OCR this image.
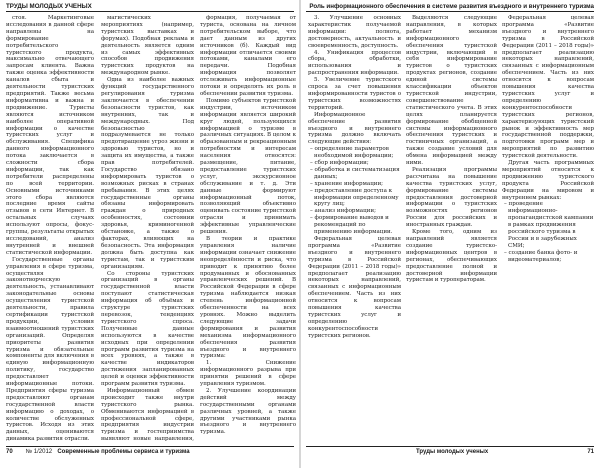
ТРУДЫ МОЛОДЫХ УЧЕНЫХ	Роль информационного обеспечения в системе развития въездного и внутреннего туризма

стоя. Маркетинговые исследования в данной сфере направлены на формирование потребительского туристского продукта, максимально отвечающего запросам клиента. Важна также оценка эффективности каналов сбыта и деятельности туристских предприятий. Также весьма информативна и важна и продвижение. Туристы являются источником наиболее оперативной информации о качестве туристских услуг и обслуживания. Специфика данного информационного потока заключается в сложности сбора информации, так как потребители распределены по всей территории. Основными источниками этого сбора являются последние время сайты отзывов в сети Интернет. В остальных случаях используют опросы, фокус-группы, результаты открытых исследований, анализ внутренней и внешней статистической информации.

Государственные органы управления в сфере туризма, осуществляя законотворческую деятельность, устанавливают законодательные основы осуществления туристской деятельности, правила сертификации туристской продукции, условия взаимоотношений туристских организаций. Определяя приоритеты развития туризма и обязательные компоненты для включения в единую информационную политику, государство предоставляет информационные потоки. Предприятия сферы туризма предоставляют органам государственной власти информацию о доходах, о количестве обслуженных туристов. Исходя из этих данных, оцениваются динамика развития отрасли.

магистических мероприятиях (например, туристских выставках и форумах). Подобная реклама и деятельность является одним из самых эффективных способов продвижения туристских продуктов на международном рынке.

Одна из наиболее важных функций государственного регулирования туризма заключается в обеспечении безопасности туристов, как внутренних, так и международных. Под безопасностью подразумевается не только предотвращение угроз жизни и здоровью туристов, но и защита их имущества, а также прав потребителей. Государство обязано информировать туристов о возможных рисках в странах пребывания. В этих целях государственные органы обязаны информировать граждан о природных особенностях, состоянии здоровья, криминогенной обстановке, а также о факторах, влияющих на безопасность. Эта информация должна быть доступна как туристам, так и туристским организациям.

Со стороны туристских организаций в органы государственной власти поступают статистическая информация об объёмах и структуре туристских перевозок, тенденциях туристского спроса. Полученные данные используются в качестве исходных при определении программ развития туризма на всех уровнях, а также в качестве индикаторов достижения запланированных целей и оценки эффективности программ развития туризма.

Информационный обмен происходит также внутри туристского рынка. Обмениваются информацией в профессиональной сфере, предприятия индустрии туризма и гостеприимства выявляют новые направления,

формация, получаемая от туриста, основана на личном потребительском выборе, что дает данным из других источников (б). Каждый вид информации отличается своими потоками, каналами его передачи. Подобная информация позволяет отслеживать информационные потоки и определять их роль в обеспечении развития туризма.

Помимо субъектов туристской индустрии, источником информации является широкий круг людей, пользующихся информацией о туризме в различных ситуациях. В целом к образованным и рекреационным потребностям и интересам населения относятся: размещение, питание, предоставление туристских услуг, экскурсионное обслуживание и т. д. Эти данные формируют информационный поток, позволяющий объективно оценивать состояние туристской отрасли и принимать эффективные управленческие решения.

В теории и практике управления наличие информации означает снижение неопределённости и риска, что приводит к принятию более продуманных и обоснованных управленческих решений. В Российской Федерации в сфере туризма наблюдается низкая степень информационной обеспеченности на всех уровнях. Можно выделить следующие задачи формирования и развития механизма информационного обеспечения развития въездного и внутреннего туризма:

1. Снижение информационного разрыва при принятии решений в сфере управления туризмом.

2. Улучшение координации действий между государственными органами различных уровней, а также другими участниками рынка въездного и внутреннего туризма.

3. Улучшение основных характеристик получаемой информации: полнота, достоверность, актуальность и своевременность, доступность.

4. Унификация процессов сбора, обработки, использования и распространения информации.

5. Увеличение туристского спроса за счет повышения информированности туристов о туристских возможностях территорий.

Информационное обеспечение развития въездного и внутреннего туризма должно включать следующие действия:

– определение параметров необходимой информации;
– сбор информации;
– обработка и систематизация данных;
– хранение информации;
– предоставление доступа к информации определенному кругу лиц;
– анализ информации;
– формирование выводов и рекомендаций по применению информации.

Федеральная целевая программа «Развитие въездного и внутреннего туризма в Российской Федерации (2011 – 2018 годы)» предполагает реализацию некоторых направлений, связанных с информационным обеспечением. Часть из них относится к вопросам повышения качества туристских услуг и определению конкурентоспособности туристских регионов.

Выделяются следующие направления, в которых работает механизм информационного обеспечения туристской индустрии, включающий в себя информирование туристов о туристских продуктах регионов, создание единой системы классификации объектов туристской индустрии, совершенствование статистического учета. В этих целях планируется формирование обобщенной системы информационного обеспечения туристских и гостиничных организаций, а также создание условий для обмена информацией между ними.

Реализация программы рассчитана на повышение качества туристских услуг, формирование системы предоставления достоверной информации о туристских возможностях регионов России для российских и иностранных граждан.

Кроме того, одним из направлений является создание туристско-информационных центров в регионах, обеспечивающих предоставление полной и достоверной информации туристам и туроператорам.

Федеральная целевая программа «Развитие въездного и внутреннего туризма в Российской Федерации (2011 – 2018 годы)» предполагает реализацию некоторых направлений, связанных с информационным обеспечением. Часть из них относится к вопросам повышения качества туристских услуг и определению конкурентоспособности туристских регионов, характеризующих туристский рынок и эффективность мер государственной поддержки, подготовки программ мер и мероприятий по развитию туристской деятельности.

Другая часть программных мероприятий относится к продвижению туристского продукта Российской Федерации на мировом и внутреннем рынках:

– проведение информационно-пропагандистской кампании в рамках продвижения российского туризма в России и в зарубежных СМИ;
– создание банка фото- и видеоматериалов;
70 № 1/2012 Современные проблемы сервиса и туризма	Труды молодых ученых	71
